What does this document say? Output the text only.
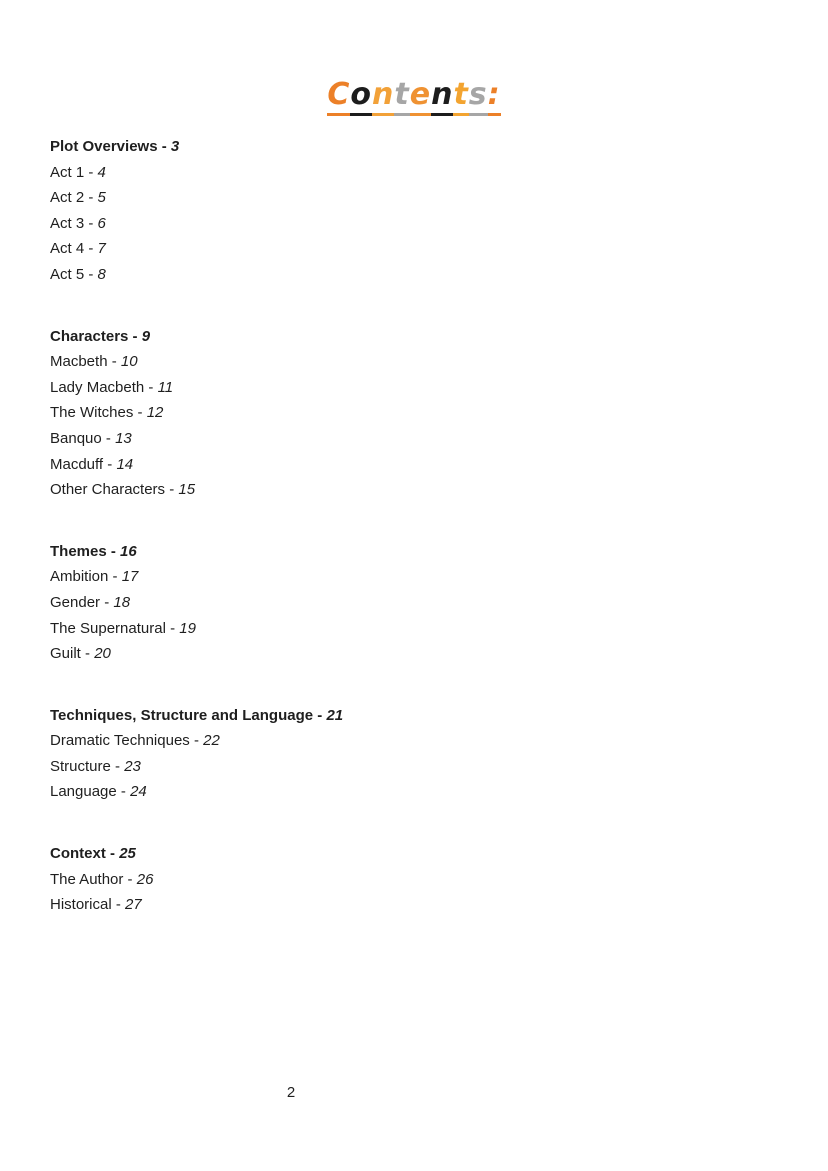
Contents:
Plot Overviews - 3
Act 1 - 4
Act 2 - 5
Act 3 - 6
Act 4 - 7
Act 5 - 8
Characters - 9
Macbeth - 10
Lady Macbeth - 11
The Witches - 12
Banquo - 13
Macduff - 14
Other Characters - 15
Themes - 16
Ambition - 17
Gender - 18
The Supernatural - 19
Guilt - 20
Techniques, Structure and Language - 21
Dramatic Techniques - 22
Structure - 23
Language - 24
Context - 25
The Author - 26
Historical - 27
2
